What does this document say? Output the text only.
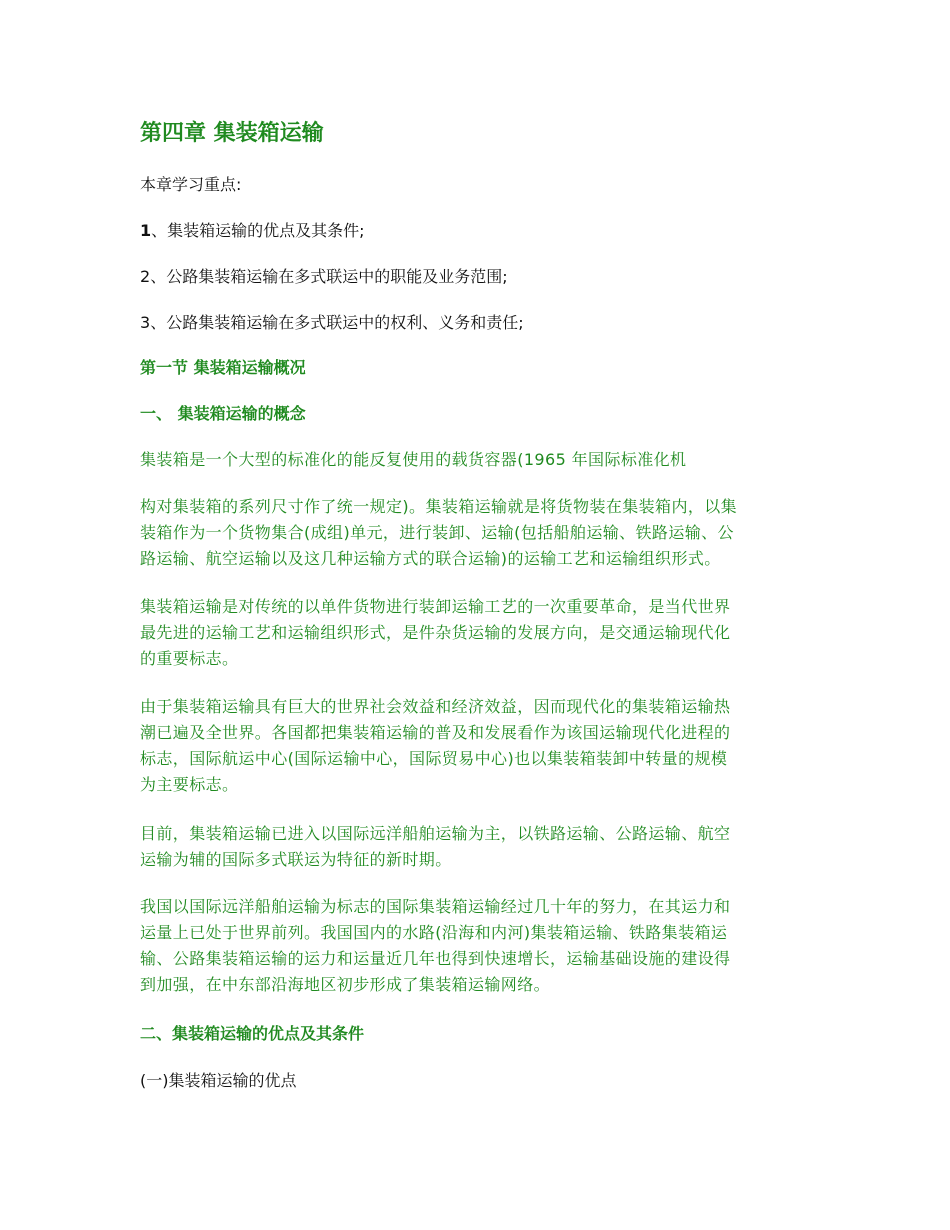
第四章 集装箱运输

本章学习重点:

1、集装箱运输的优点及其条件;

2、公路集装箱运输在多式联运中的职能及业务范围;

3、公路集装箱运输在多式联运中的权利、义务和责任;

第一节 集装箱运输概况
一、 集装箱运输的概念

集装箱是一个大型的标准化的能反复使用的载货容器(1965 年国际标准化机

构对集装箱的系列尺寸作了统一规定)。集装箱运输就是将货物装在集装箱内，以集
装箱作为一个货物集合(成组)单元，进行装卸、运输(包括船舶运输、铁路运输、公
路运输、航空运输以及这几种运输方式的联合运输)的运输工艺和运输组织形式。
集装箱运输是对传统的以单件货物进行装卸运输工艺的一次重要革命，是当代世界
最先进的运输工艺和运输组织形式，是件杂货运输的发展方向，是交通运输现代化
的重要标志。
由于集装箱运输具有巨大的世界社会效益和经济效益，因而现代化的集装箱运输热
潮已遍及全世界。各国都把集装箱运输的普及和发展看作为该国运输现代化进程的
标志，国际航运中心(国际运输中心，国际贸易中心)也以集装箱装卸中转量的规模
为主要标志。
目前，集装箱运输已进入以国际远洋船舶运输为主，以铁路运输、公路运输、航空
运输为辅的国际多式联运为特征的新时期。
我国以国际远洋船舶运输为标志的国际集装箱运输经过几十年的努力，在其运力和
运量上已处于世界前列。我国国内的水路(沿海和内河)集装箱运输、铁路集装箱运
输、公路集装箱运输的运力和运量近几年也得到快速增长，运输基础设施的建设得
到加强，在中东部沿海地区初步形成了集装箱运输网络。
二、集装箱运输的优点及其条件
(一)集装箱运输的优点
